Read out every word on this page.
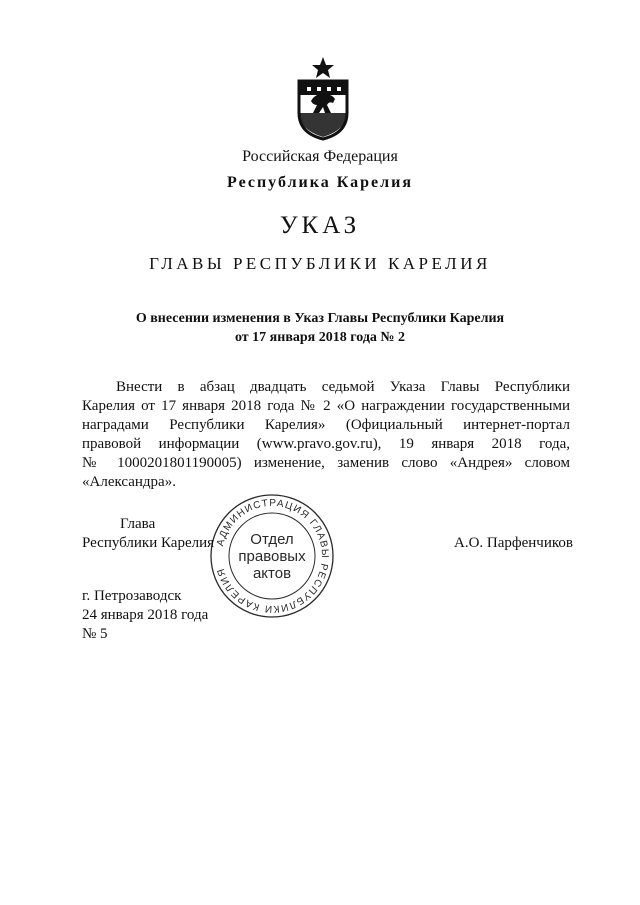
Российская Федерация
Республика Карелия
УКАЗ
ГЛАВЫ РЕСПУБЛИКИ КАРЕЛИЯ
О внесении изменения в Указ Главы Республики Карелия
от 17 января 2018 года № 2
Внести в абзац двадцать седьмой Указа Главы Республики
Карелия от 17 января 2018 года № 2 «О награждении государственными
наградами Республики Карелия» (Официальный интернет-портал
правовой информации (www.pravo.gov.ru), 19 января 2018 года,
№ 1000201801190005) изменение, заменив слово «Андрея» словом
«Александра».
АДМИНИСТРАЦИЯ ГЛАВЫ РЕСПУБЛИКИ КАРЕЛИЯ
Отдел
правовых
актов
Глава
Республики Карелия	А.О. Парфенчиков
г. Петрозаводск
24 января 2018 года
№ 5
